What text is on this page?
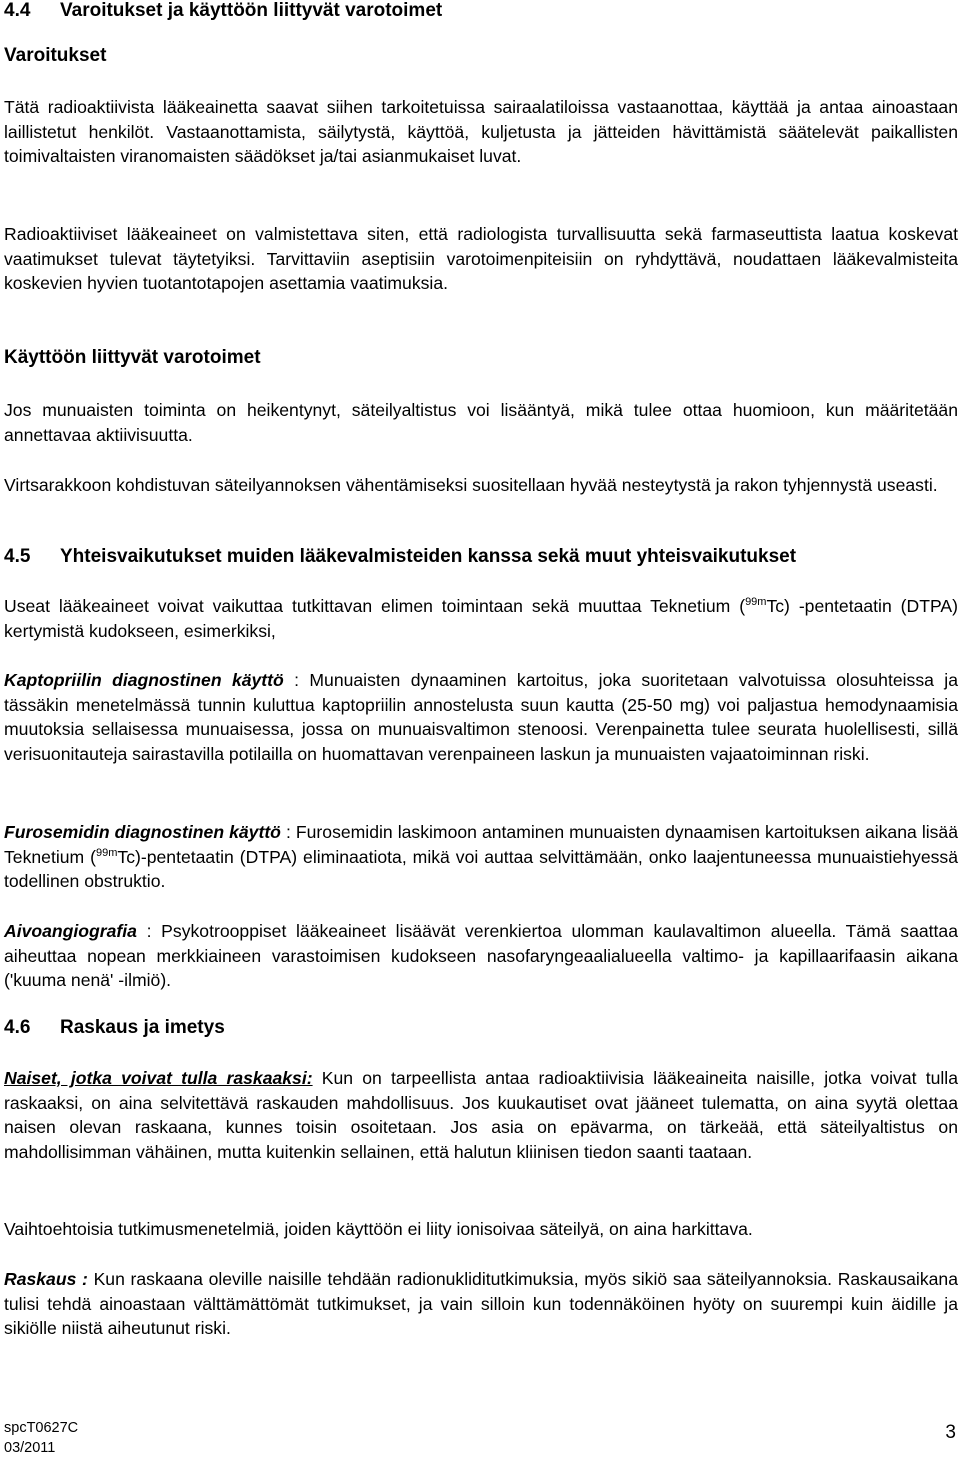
4.4 Varoitukset ja käyttöön liittyvät varotoimet
Varoitukset

Tätä radioaktiivista lääkeainetta saavat siihen tarkoitetuissa sairaalatiloissa vastaanottaa, käyttää ja antaa ainoastaan laillistetut henkilöt. Vastaanottamista, säilytystä, käyttöä, kuljetusta ja jätteiden hävittämistä säätelevät paikallisten toimivaltaisten viranomaisten säädökset ja/tai asianmukaiset luvat.

Radioaktiiviset lääkeaineet on valmistettava siten, että radiologista turvallisuutta sekä farmaseuttista laatua koskevat vaatimukset tulevat täytetyiksi. Tarvittaviin aseptisiin varotoimenpiteisiin on ryhdyttävä, noudattaen lääkevalmisteita koskevien hyvien tuotantotapojen asettamia vaatimuksia.

Käyttöön liittyvät varotoimet

Jos munuaisten toiminta on heikentynyt, säteilyaltistus voi lisääntyä, mikä tulee ottaa huomioon, kun määritetään annettavaa aktiivisuutta.

Virtsarakkoon kohdistuvan säteilyannoksen vähentämiseksi suositellaan hyvää nesteytystä ja rakon tyhjennystä useasti.

4.5 Yhteisvaikutukset muiden lääkevalmisteiden kanssa sekä muut yhteisvaikutukset

Useat lääkeaineet voivat vaikuttaa tutkittavan elimen toimintaan sekä muuttaa Teknetium ($^{99m}$Tc) -pentetaatin (DTPA) kertymistä kudokseen, esimerkiksi,

Kaptopriilin diagnostinen käyttö : Munuaisten dynaaminen kartoitus, joka suoritetaan valvotuissa olosuhteissa ja tässäkin menetelmässä tunnin kuluttua kaptopriilin annostelusta suun kautta (25-50 mg) voi paljastua hemodynaamisia muutoksia sellaisessa munuaisessa, jossa on munuaisvaltimon stenoosi. Verenpainetta tulee seurata huolellisesti, sillä verisuonitauteja sairastavilla potilailla on huomattavan verenpaineen laskun ja munuaisten vajaatoiminnan riski.

Furosemidin diagnostinen käyttö : Furosemidin laskimoon antaminen munuaisten dynaamisen kartoituksen aikana lisää Teknetium ($^{99m}$Tc)-pentetaatin (DTPA) eliminaatiota, mikä voi auttaa selvittämään, onko laajentuneessa munuaistiehyessä todellinen obstruktio.

Aivoangiografia : Psykotrooppiset lääkeaineet lisäävät verenkiertoa ulomman kaulavaltimon alueella. Tämä saattaa aiheuttaa nopean merkkiaineen varastoimisen kudokseen nasofaryngeaalialueella valtimo- ja kapillaarifaasin aikana ('kuuma nenä' -ilmiö).

4.6 Raskaus ja imetys

Naiset, jotka voivat tulla raskaaksi: Kun on tarpeellista antaa radioaktiivisia lääkeaineita naisille, jotka voivat tulla raskaaksi, on aina selvitettävä raskauden mahdollisuus. Jos kuukautiset ovat jääneet tulematta, on aina syytä olettaa naisen olevan raskaana, kunnes toisin osoitetaan. Jos asia on epävarma, on tärkeää, että säteilyaltistus on mahdollisimman vähäinen, mutta kuitenkin sellainen, että halutun kliinisen tiedon saanti taataan.

Vaihtoehtoisia tutkimusmenetelmiä, joiden käyttöön ei liity ionisoivaa säteilyä, on aina harkittava.

Raskaus : Kun raskaana oleville naisille tehdään radionukliditutkimuksia, myös sikiö saa säteilyannoksia. Raskausaikana tulisi tehdä ainoastaan välttämättömät tutkimukset, ja vain silloin kun todennäköinen hyöty on suurempi kuin äidille ja sikiölle niistä aiheutunut riski.

spcT0627C
03/2011
3
